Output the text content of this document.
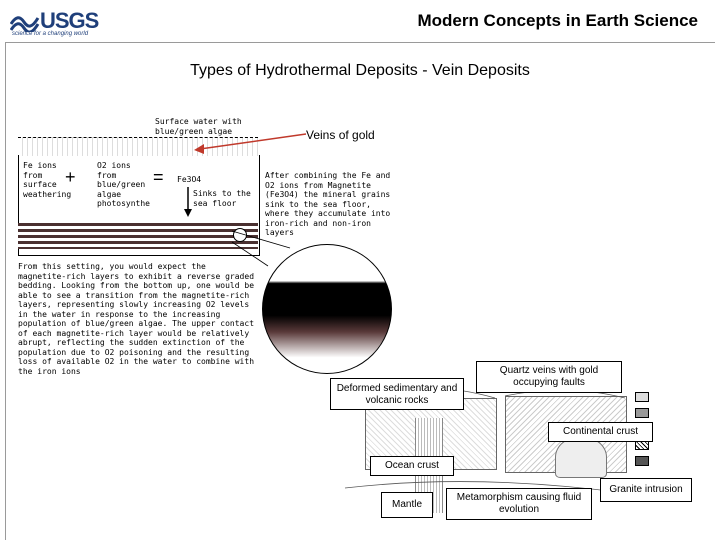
USGS
science for a changing world
Modern Concepts in Earth Science
Types of Hydrothermal Deposits - Vein Deposits
Surface water with blue/green algae
Fe ions from surface weathering
+
O2 ions from blue/green algae photosynthe
= Fe3O4
Sinks to the sea floor
After combining the Fe and O2 ions from Magnetite (Fe3O4) the mineral grains sink to the sea floor, where they accumulate into iron-rich and non-iron layers
From this setting, you would expect the magnetite-rich layers to exhibit a reverse graded bedding. Looking from the bottom up, one would be able to see a transition from the magnetite-rich layers, representing slowly increasing O2 levels in the water in response to the increasing population of blue/green algae. The upper contact of each magnetite-rich layer would be relatively abrupt, reflecting the sudden extinction of the population due to O2 poisoning and the resulting loss of available O2 in the water to combine with the iron ions
Veins of gold
Deformed sedimentary and volcanic rocks
Quartz veins with gold occupying faults
Continental crust
Ocean crust
Mantle
Metamorphism causing fluid evolution
Granite intrusion
